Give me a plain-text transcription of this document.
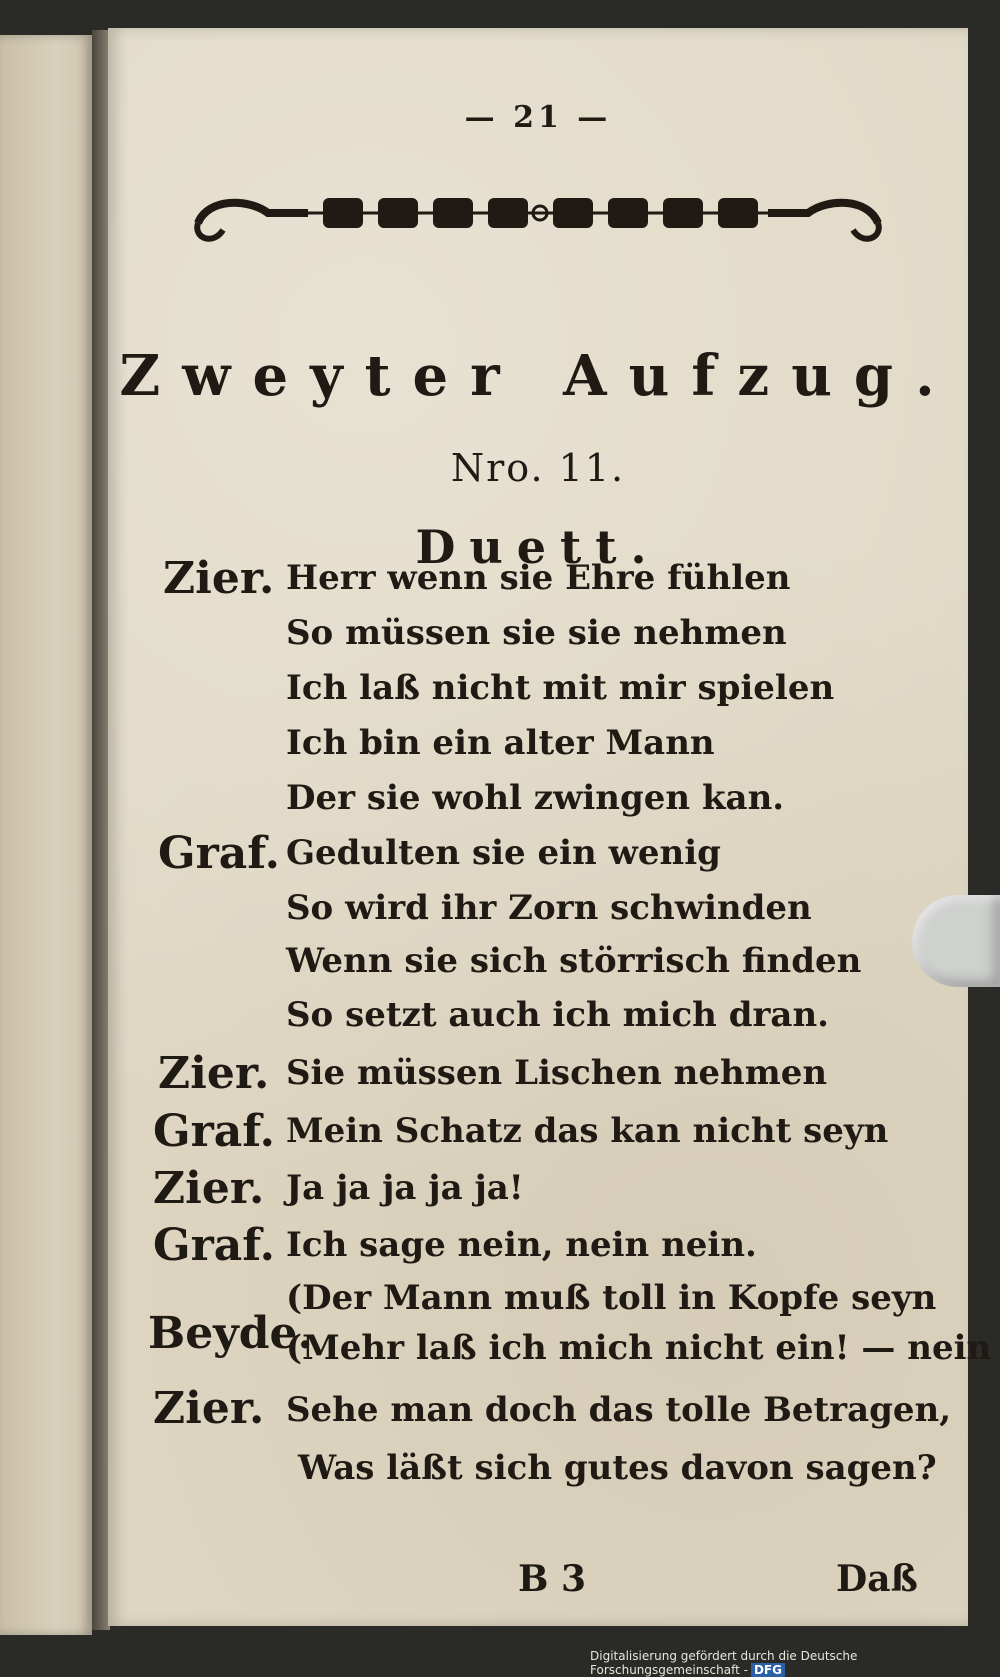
— 21 —
Zweyter Aufzug.
Nro. 11.
Duett.
Zier. Herr wenn sie Ehre fühlen
So müssen sie sie nehmen
Ich laß nicht mit mir spielen
Ich bin ein alter Mann
Der sie wohl zwingen kan.
Graf. Gedulten sie ein wenig
So wird ihr Zorn schwinden
Wenn sie sich störrisch finden
So setzt auch ich mich dran.
Zier. Sie müssen Lischen nehmen
Graf. Mein Schatz das kan nicht seyn
Zier. Ja ja ja ja ja!
Graf. Ich sage nein, nein nein.
Beyde.
(Der Mann muß toll in Kopfe seyn
(Mehr laß ich mich nicht ein! — nein
Zier. Sehe man doch das tolle Betragen,
Was läßt sich gutes davon sagen?
B 3	Daß
Digitalisierung gefördert durch die Deutsche Forschungsgemeinschaft - DFG
